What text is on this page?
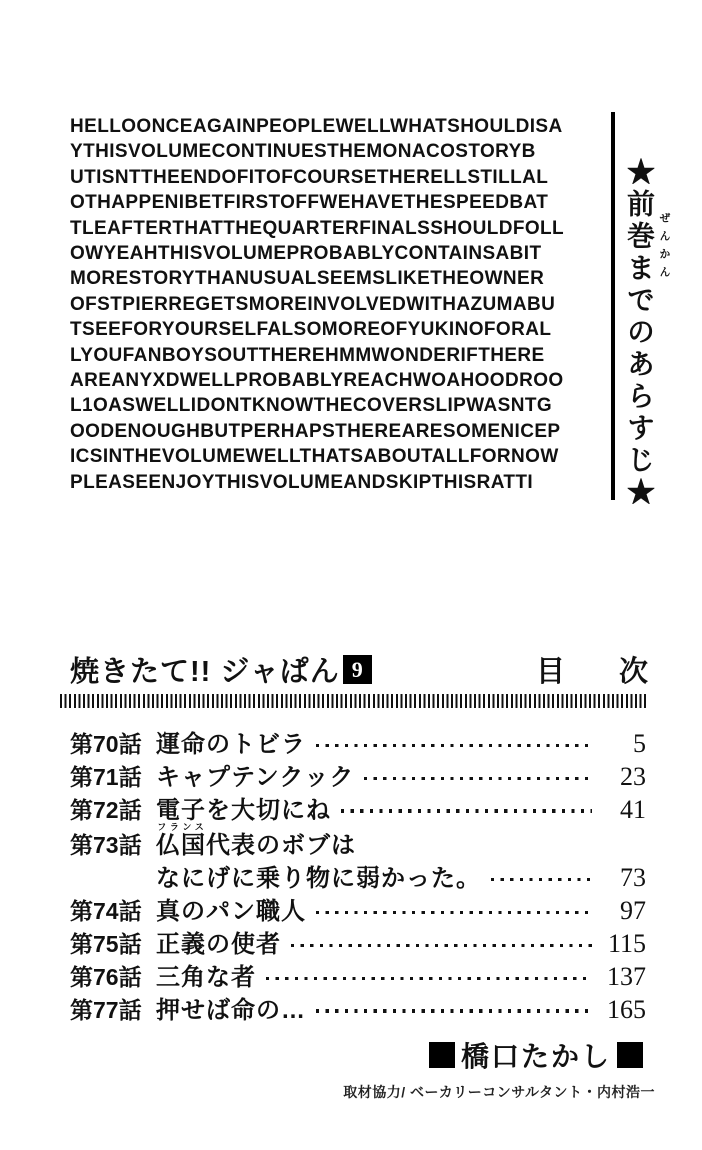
HELLOONCEAGAINPEOPLEWELLWHATSHOULDISA
YTHISVOLUMECONTINUESTHEMONACOSTORYB
UTISNTTHEENDOFITOFCOURSETHERELLSTILLAL
OTHAPPENIBETFIRSTOFFWEHAVETHESPEEDBAT
TLEAFTERTHATTHEQUARTERFINALSSHOULDFOLL
OWYEAHTHISVOLUMEPROBABLYCONTAINSABIT
MORESTORYTHANUSUALSEEMSLIKETHEOWNER
OFSTPIERREGETSMOREINVOLVEDWITHAZUMABU
TSEEFORYOURSELFALSOMOREOFYUKINOFORAL
LYOUFANBOYSOUTTHEREHMMWONDERIFTHERE
AREANYXDWELLPROBABLYREACHWOAHOODROO
L1OASWELLIDONTKNOWTHECOVERSLIPWASNTG
OODENOUGHBUTPERHAPSTHEREARESOMENICEP
ICSINTHEVOLUMEWELLTHATSABOUTALLFORNOW
PLEASEENJOYTHISVOLUMEANDSKIPTHISRATTI	★前巻までのあらすじ★ ぜんかん
焼きたて!! ジャぱん 9	目 次
第70話 運命のトビラ	5
第71話 キャプテンクック	23
第72話 電子を大切にね	41
第73話 仏国フランス代表のボブは
なにげに乗り物に弱かった。	73
第74話 真のパン職人	97
第75話 正義の使者	115
第76話 三角な者	137
第77話 押せば命の…	165
橋口たかし
取材協力/ ベーカリーコンサルタント・内村浩一
